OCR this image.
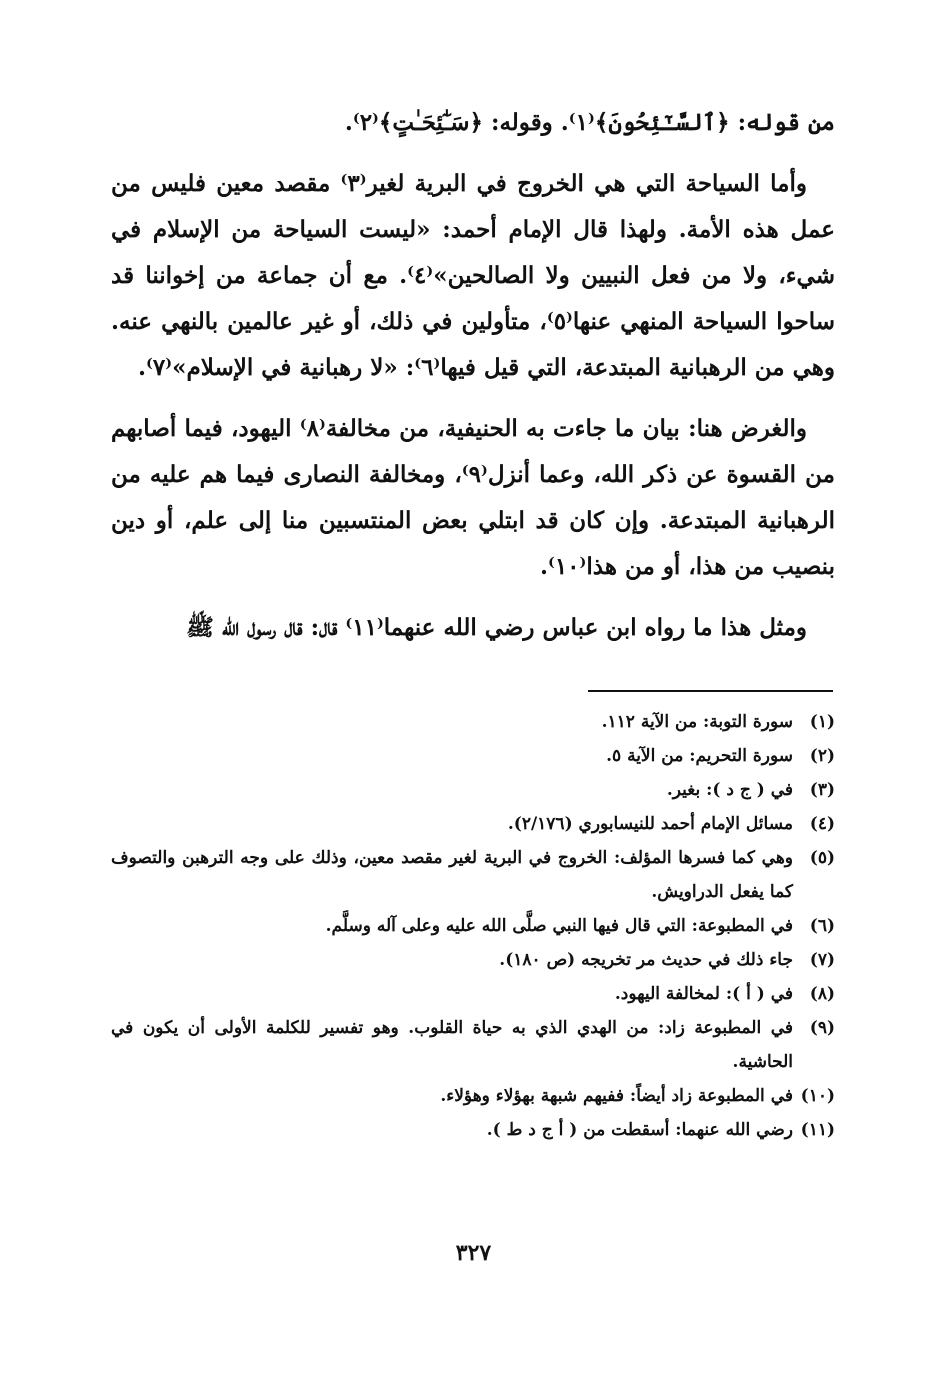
من قوله: ﴿ٱلسَّـٰٓئِحُونَ﴾⁽١⁾. وقوله: ﴿سَـٰٓئِحَـٰتٍ﴾⁽٢⁾.

وأما السياحة التي هي الخروج في البرية لغير⁽٣⁾ مقصد معين فليس من عمل هذه الأمة. ولهذا قال الإمام أحمد: «ليست السياحة من الإسلام في شيء، ولا من فعل النبيين ولا الصالحين»⁽٤⁾. مع أن جماعة من إخواننا قد ساحوا السياحة المنهي عنها⁽٥⁾، متأولين في ذلك، أو غير عالمين بالنهي عنه. وهي من الرهبانية المبتدعة، التي قيل فيها⁽٦⁾: «لا رهبانية في الإسلام»⁽٧⁾.

والغرض هنا: بيان ما جاءت به الحنيفية، من مخالفة⁽٨⁾ اليهود، فيما أصابهم من القسوة عن ذكر الله، وعما أنزل⁽٩⁾، ومخالفة النصارى فيما هم عليه من الرهبانية المبتدعة. وإن كان قد ابتلي بعض المنتسبين منا إلى علم، أو دين بنصيب من هذا، أو من هذا⁽١٠⁾.

ومثل هذا ما رواه ابن عباس رضي الله عنهما⁽١١⁾ قال: قال رسول الله ﷺ

(١)
سورة التوبة: من الآية ١١٢.
(٢)
سورة التحريم: من الآية ٥.
(٣)
في ( ج د ): بغير.
(٤)
مسائل الإمام أحمد للنيسابوري (٢/١٧٦).
(٥)
وهي كما فسرها المؤلف: الخروج في البرية لغير مقصد معين، وذلك على وجه الترهبن والتصوف كما يفعل الدراويش.
(٦)
في المطبوعة: التي قال فيها النبي صلَّى الله عليه وعلى آله وسلَّم.
(٧)
جاء ذلك في حديث مر تخريجه (ص ١٨٠).
(٨)
في ( أ ): لمخالفة اليهود.
(٩)
في المطبوعة زاد: من الهدي الذي به حياة القلوب. وهو تفسير للكلمة الأولى أن يكون في الحاشية.
(١٠)
في المطبوعة زاد أيضاً: ففيهم شبهة بهؤلاء وهؤلاء.
(١١)
رضي الله عنهما: أسقطت من ( أ ج د ط ).
٣٢٧
